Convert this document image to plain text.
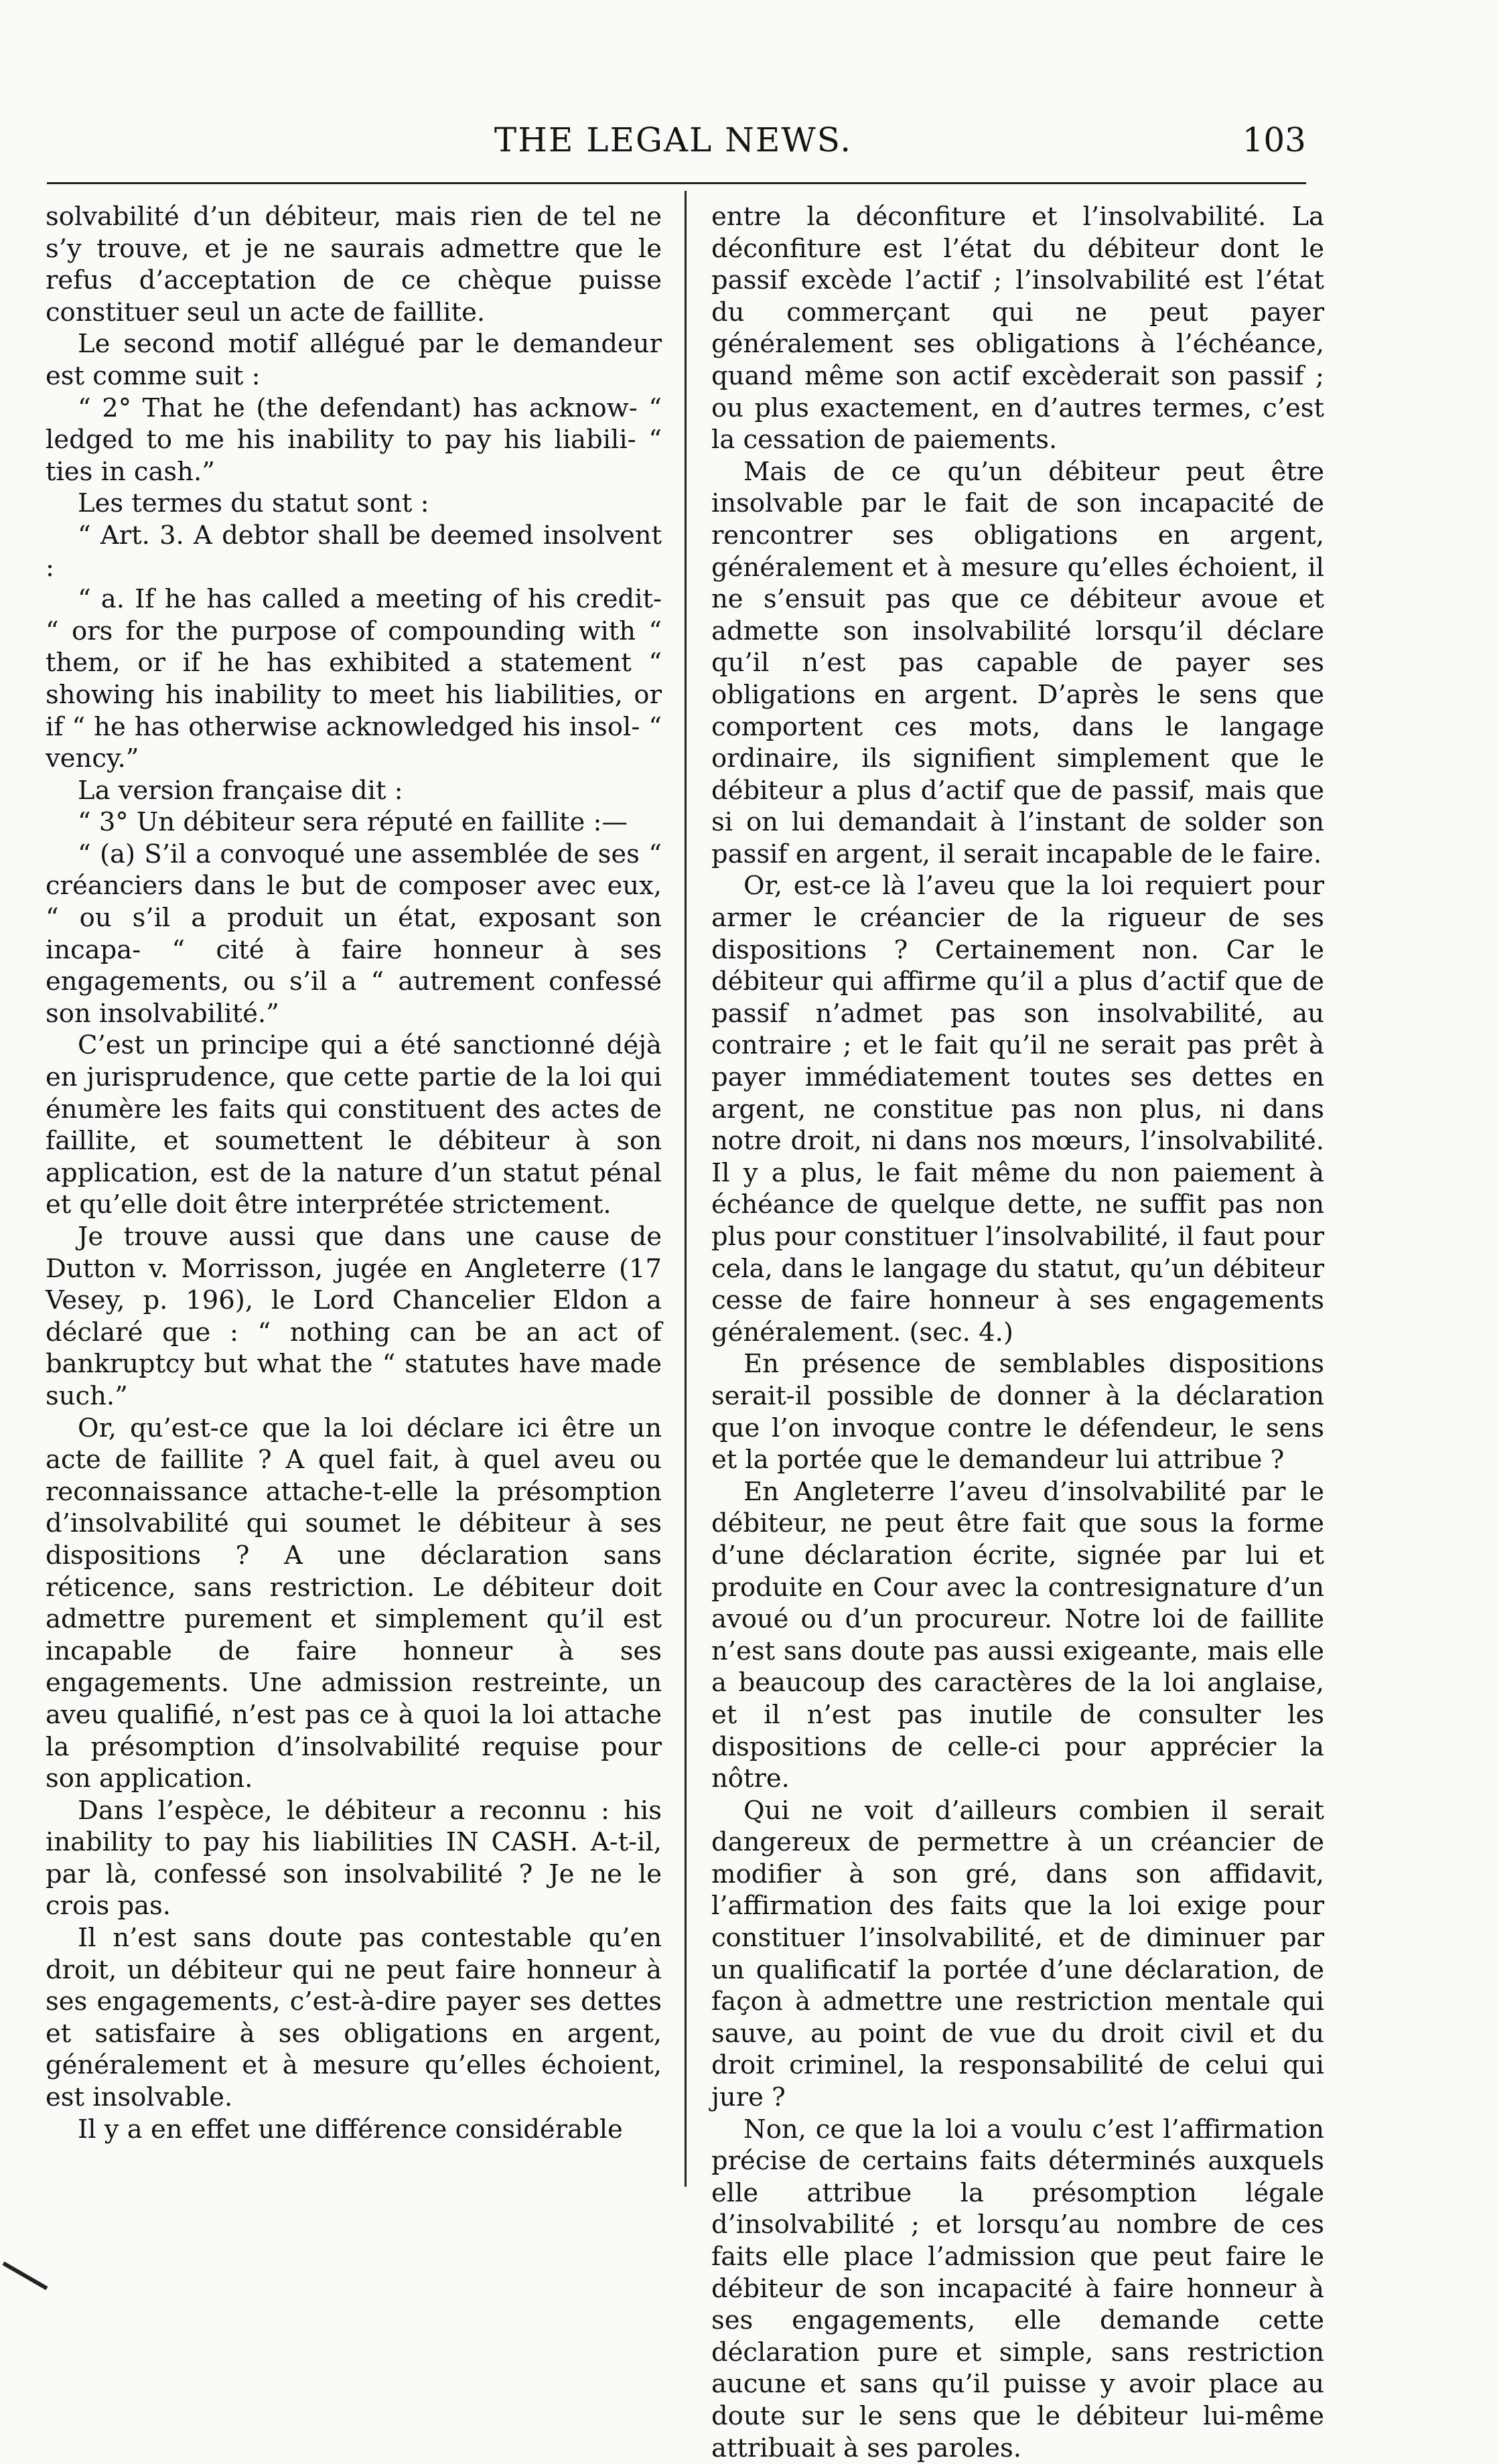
THE LEGAL NEWS.	103

solvabilité d’un débiteur, mais rien de tel ne s’y trouve, et je ne saurais admettre que le refus d’acceptation de ce chèque puisse constituer seul un acte de faillite.

Le second motif allégué par le demandeur est comme suit :

“ 2° That he (the defendant) has acknow- “ ledged to me his inability to pay his liabili- “ ties in cash.”

Les termes du statut sont :

“ Art. 3. A debtor shall be deemed insolvent :

“ a. If he has called a meeting of his credit- “ ors for the purpose of compounding with “ them, or if he has exhibited a statement “ showing his inability to meet his liabilities, or if “ he has otherwise acknowledged his insol- “ vency.”

La version française dit :

“ 3° Un débiteur sera réputé en faillite :—

“ (a) S’il a convoqué une assemblée de ses “ créanciers dans le but de composer avec eux, “ ou s’il a produit un état, exposant son incapa- “ cité à faire honneur à ses engagements, ou s’il a “ autrement confessé son insolvabilité.”

C’est un principe qui a été sanctionné déjà en jurisprudence, que cette partie de la loi qui énumère les faits qui constituent des actes de faillite, et soumettent le débiteur à son application, est de la nature d’un statut pénal et qu’elle doit être interprétée strictement.

Je trouve aussi que dans une cause de Dutton v. Morrisson, jugée en Angleterre (17 Vesey, p. 196), le Lord Chancelier Eldon a déclaré que : “ nothing can be an act of bankruptcy but what the “ statutes have made such.”

Or, qu’est-ce que la loi déclare ici être un acte de faillite ? A quel fait, à quel aveu ou reconnaissance attache-t-elle la présomption d’insolvabilité qui soumet le débiteur à ses dispositions ? A une déclaration sans réticence, sans restriction. Le débiteur doit admettre purement et simplement qu’il est incapable de faire honneur à ses engagements. Une admission restreinte, un aveu qualifié, n’est pas ce à quoi la loi attache la présomption d’insolvabilité requise pour son application.

Dans l’espèce, le débiteur a reconnu : his inability to pay his liabilities IN CASH. A-t-il, par là, confessé son insolvabilité ? Je ne le crois pas.

Il n’est sans doute pas contestable qu’en droit, un débiteur qui ne peut faire honneur à ses engagements, c’est-à-dire payer ses dettes et satisfaire à ses obligations en argent, généralement et à mesure qu’elles échoient, est insolvable.

Il y a en effet une différence considérable

entre la déconfiture et l’insolvabilité. La déconfiture est l’état du débiteur dont le passif excède l’actif ; l’insolvabilité est l’état du commerçant qui ne peut payer généralement ses obligations à l’échéance, quand même son actif excèderait son passif ; ou plus exactement, en d’autres termes, c’est la cessation de paiements.

Mais de ce qu’un débiteur peut être insolvable par le fait de son incapacité de rencontrer ses obligations en argent, généralement et à mesure qu’elles échoient, il ne s’ensuit pas que ce débiteur avoue et admette son insolvabilité lorsqu’il déclare qu’il n’est pas capable de payer ses obligations en argent. D’après le sens que comportent ces mots, dans le langage ordinaire, ils signifient simplement que le débiteur a plus d’actif que de passif, mais que si on lui demandait à l’instant de solder son passif en argent, il serait incapable de le faire.

Or, est-ce là l’aveu que la loi requiert pour armer le créancier de la rigueur de ses dispositions ? Certainement non. Car le débiteur qui affirme qu’il a plus d’actif que de passif n’admet pas son insolvabilité, au contraire ; et le fait qu’il ne serait pas prêt à payer immédiatement toutes ses dettes en argent, ne constitue pas non plus, ni dans notre droit, ni dans nos mœurs, l’insolvabilité. Il y a plus, le fait même du non paiement à échéance de quelque dette, ne suffit pas non plus pour constituer l’insolvabilité, il faut pour cela, dans le langage du statut, qu’un débiteur cesse de faire honneur à ses engagements généralement. (sec. 4.)

En présence de semblables dispositions serait-il possible de donner à la déclaration que l’on invoque contre le défendeur, le sens et la portée que le demandeur lui attribue ?

En Angleterre l’aveu d’insolvabilité par le débiteur, ne peut être fait que sous la forme d’une déclaration écrite, signée par lui et produite en Cour avec la contresignature d’un avoué ou d’un procureur. Notre loi de faillite n’est sans doute pas aussi exigeante, mais elle a beaucoup des caractères de la loi anglaise, et il n’est pas inutile de consulter les dispositions de celle-ci pour apprécier la nôtre.

Qui ne voit d’ailleurs combien il serait dangereux de permettre à un créancier de modifier à son gré, dans son affidavit, l’affirmation des faits que la loi exige pour constituer l’insolvabilité, et de diminuer par un qualificatif la portée d’une déclaration, de façon à admettre une restriction mentale qui sauve, au point de vue du droit civil et du droit criminel, la responsabilité de celui qui jure ?

Non, ce que la loi a voulu c’est l’affirmation précise de certains faits déterminés auxquels elle attribue la présomption légale d’insolvabilité ; et lorsqu’au nombre de ces faits elle place l’admission que peut faire le débiteur de son incapacité à faire honneur à ses engagements, elle demande cette déclaration pure et simple, sans restriction aucune et sans qu’il puisse y avoir place au doute sur le sens que le débiteur lui-même attribuait à ses paroles.
